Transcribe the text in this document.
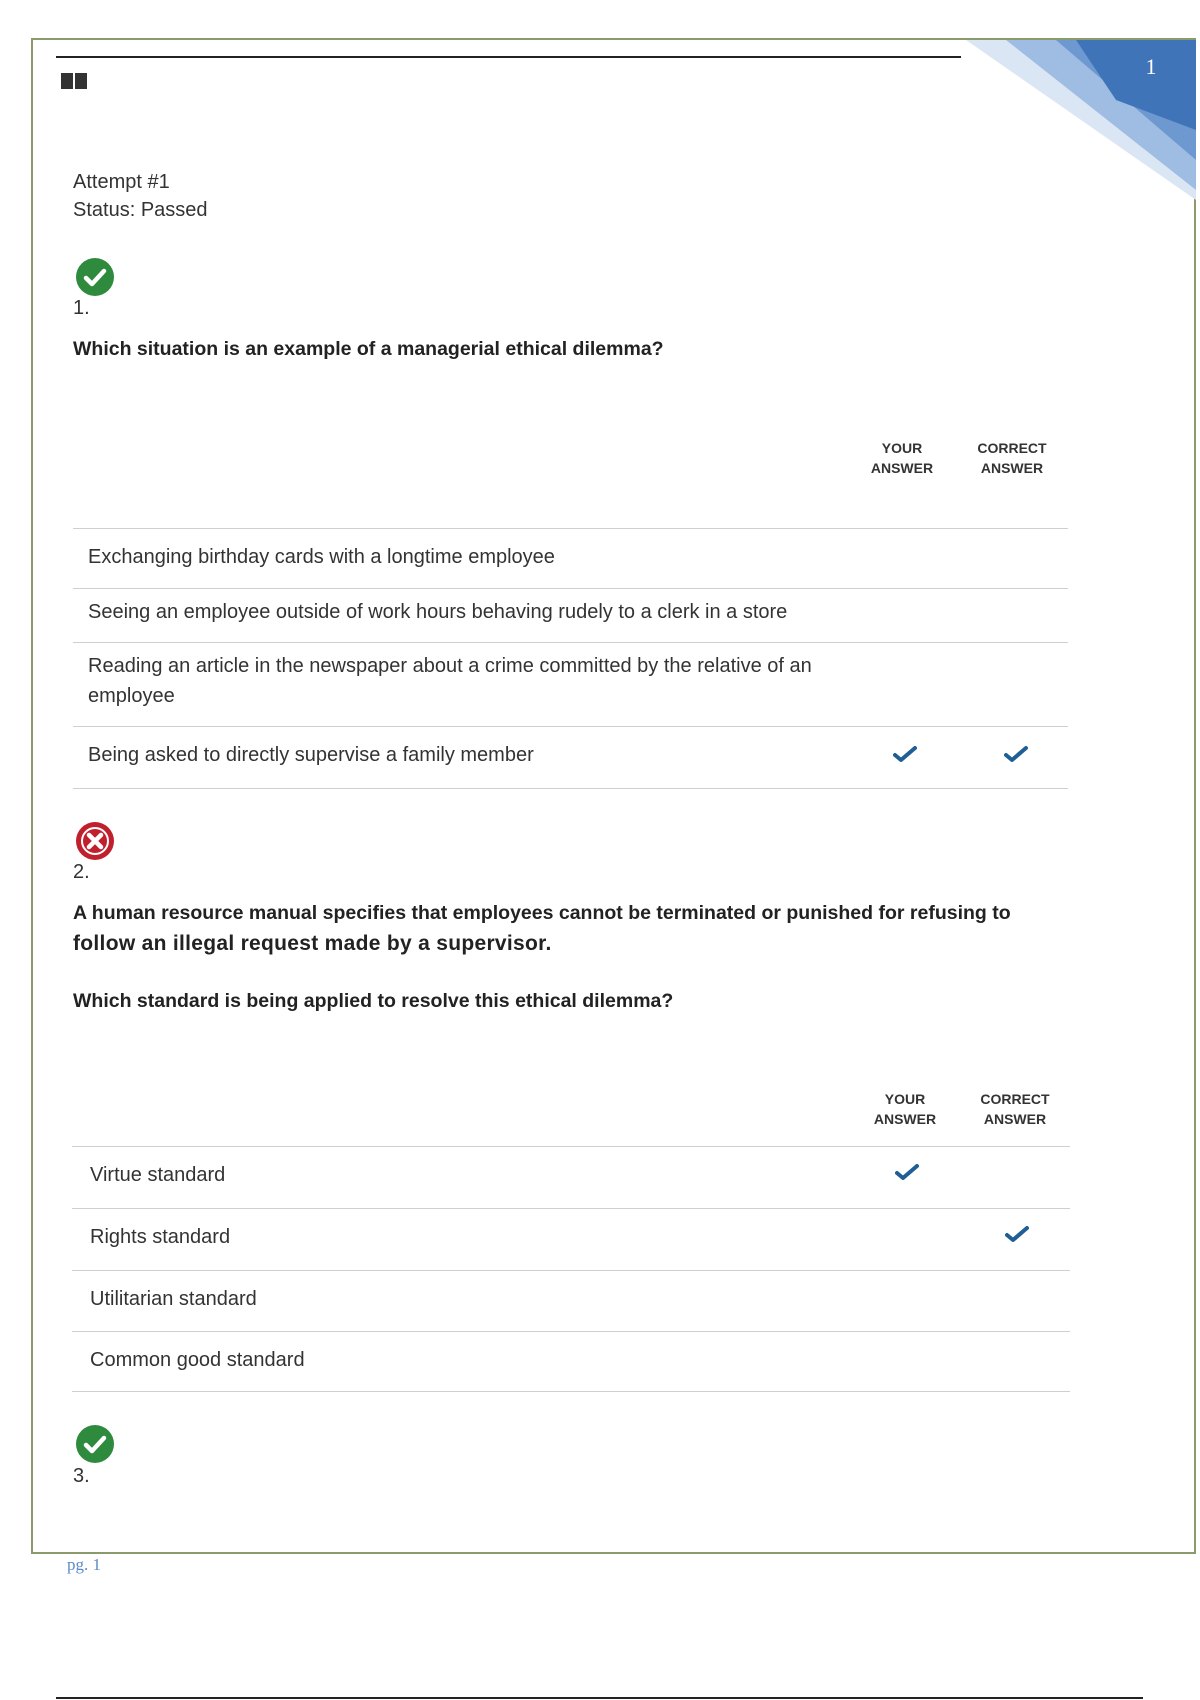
1
Attempt #1
Status: Passed
1.
Which situation is an example of a managerial ethical dilemma?
YOUR
ANSWER
CORRECT
ANSWER
Exchanging birthday cards with a longtime employee
Seeing an employee outside of work hours behaving rudely to a clerk in a store
Reading an article in the newspaper about a crime committed by the relative of an employee
Being asked to directly supervise a family member
2.
A human resource manual specifies that employees cannot be terminated or punished for refusing to
follow an illegal request made by a supervisor.
Which standard is being applied to resolve this ethical dilemma?
YOUR
ANSWER
CORRECT
ANSWER
Virtue standard
Rights standard
Utilitarian standard
Common good standard
3.
pg. 1
